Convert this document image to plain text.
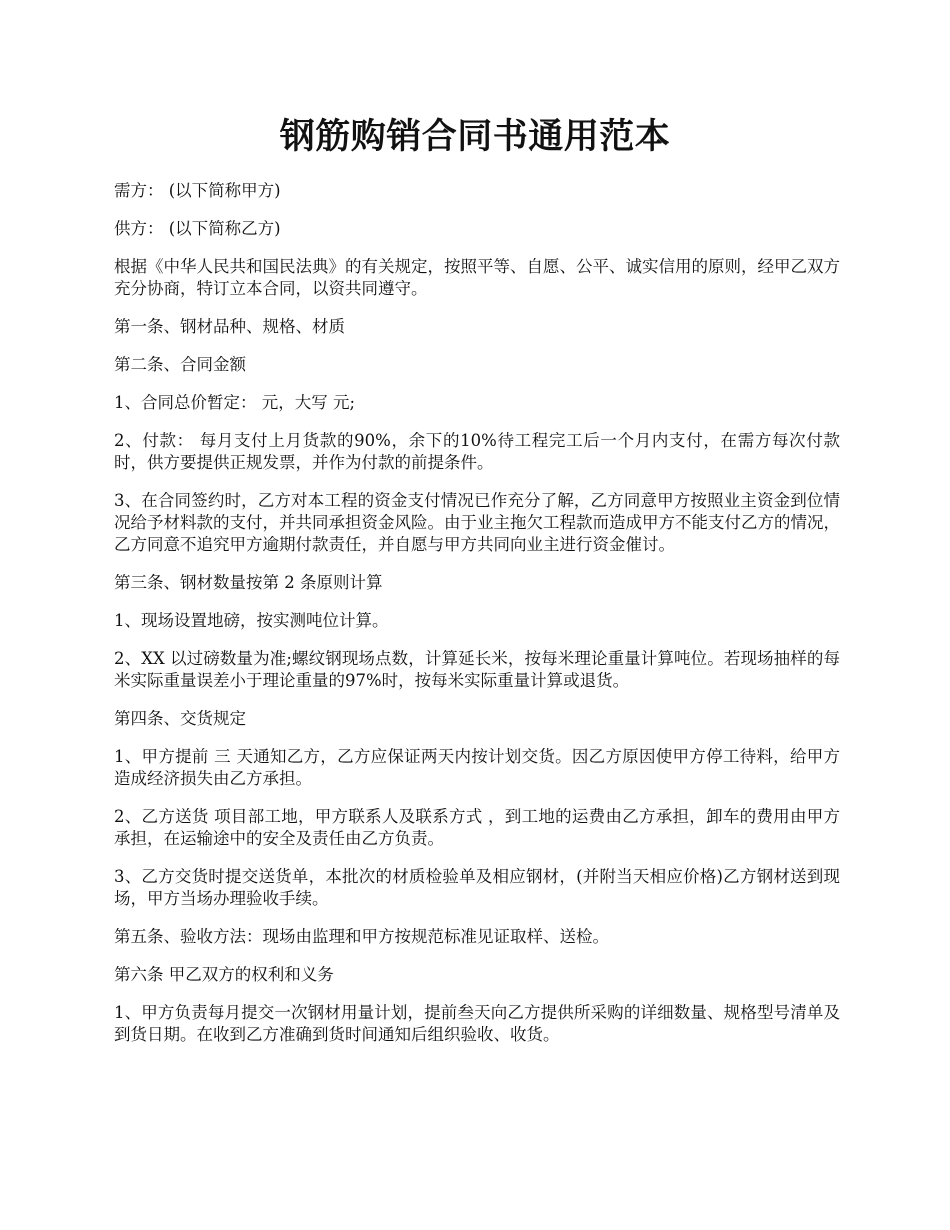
钢筋购销合同书通用范本

需方： (以下简称甲方)

供方： (以下简称乙方)

根据《中华人民共和国民法典》的有关规定，按照平等、自愿、公平、诚实信用的原则，经甲乙双方充分协商，特订立本合同，以资共同遵守。

第一条、钢材品种、规格、材质

第二条、合同金额

1、合同总价暂定： 元，大写 元;

2、付款： 每月支付上月货款的90%，余下的10%待工程完工后一个月内支付，在需方每次付款时，供方要提供正规发票，并作为付款的前提条件。

3、在合同签约时，乙方对本工程的资金支付情况已作充分了解，乙方同意甲方按照业主资金到位情况给予材料款的支付，并共同承担资金风险。由于业主拖欠工程款而造成甲方不能支付乙方的情况，乙方同意不追究甲方逾期付款责任，并自愿与甲方共同向业主进行资金催讨。

第三条、钢材数量按第 2 条原则计算

1、现场设置地磅，按实测吨位计算。

2、XX 以过磅数量为准;螺纹钢现场点数，计算延长米，按每米理论重量计算吨位。若现场抽样的每米实际重量误差小于理论重量的97%时，按每米实际重量计算或退货。

第四条、交货规定

1、甲方提前 三 天通知乙方，乙方应保证两天内按计划交货。因乙方原因使甲方停工待料，给甲方造成经济损失由乙方承担。

2、乙方送货 项目部工地，甲方联系人及联系方式 ，到工地的运费由乙方承担，卸车的费用由甲方承担，在运输途中的安全及责任由乙方负责。

3、乙方交货时提交送货单，本批次的材质检验单及相应钢材，(并附当天相应价格)乙方钢材送到现场，甲方当场办理验收手续。

第五条、验收方法：现场由监理和甲方按规范标准见证取样、送检。

第六条 甲乙双方的权利和义务

1、甲方负责每月提交一次钢材用量计划，提前叁天向乙方提供所采购的详细数量、规格型号清单及到货日期。在收到乙方准确到货时间通知后组织验收、收货。
